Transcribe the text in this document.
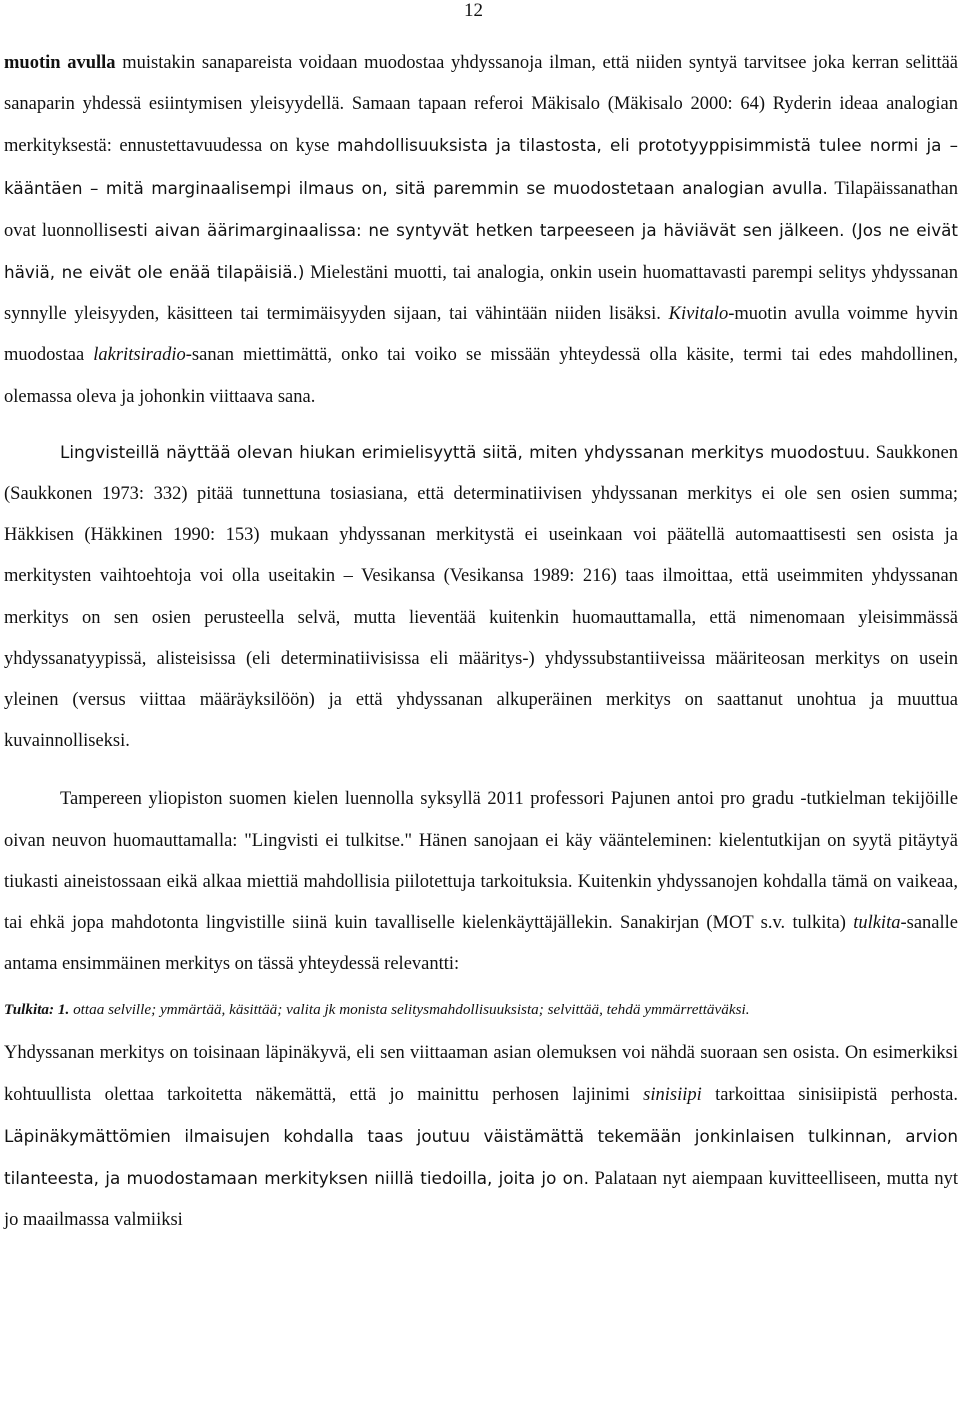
12

muotin avulla muistakin sanapareista voidaan muodostaa yhdyssanoja ilman, että niiden syntyä tarvitsee joka kerran selittää sanaparin yhdessä esiintymisen yleisyydellä. Samaan tapaan referoi Mäkisalo (Mäkisalo 2000: 64) Ryderin ideaa analogian merkityksestä: ennustettavuudessa on kyse mahdollisuuksista ja tilastosta, eli prototyyppisimmistä tulee normi ja – kääntäen – mitä marginaalisempi ilmaus on, sitä paremmin se muodostetaan analogian avulla. Tilapäissanathan ovat luonnollisesti aivan äärimarginaalissa: ne syntyvät hetken tarpeeseen ja häviävät sen jälkeen. (Jos ne eivät häviä, ne eivät ole enää tilapäisiä.) Mielestäni muotti, tai analogia, onkin usein huomattavasti parempi selitys yhdyssanan synnylle yleisyyden, käsitteen tai termimäisyyden sijaan, tai vähintään niiden lisäksi. Kivitalo-muotin avulla voimme hyvin muodostaa lakritsiradio-sanan miettimättä, onko tai voiko se missään yhteydessä olla käsite, termi tai edes mahdollinen, olemassa oleva ja johonkin viittaava sana.

Lingvisteillä näyttää olevan hiukan erimielisyyttä siitä, miten yhdyssanan merkitys muodostuu. Saukkonen (Saukkonen 1973: 332) pitää tunnettuna tosiasiana, että determinatiivisen yhdyssanan merkitys ei ole sen osien summa; Häkkisen (Häkkinen 1990: 153) mukaan yhdyssanan merkitystä ei useinkaan voi päätellä automaattisesti sen osista ja merkitysten vaihtoehtoja voi olla useitakin – Vesikansa (Vesikansa 1989: 216) taas ilmoittaa, että useimmiten yhdyssanan merkitys on sen osien perusteella selvä, mutta lieventää kuitenkin huomauttamalla, että nimenomaan yleisimmässä yhdyssanatyypissä, alisteisissa (eli determinatiivisissa eli määritys-) yhdyssubstantiiveissa määriteosan merkitys on usein yleinen (versus viittaa määräyksilöön) ja että yhdyssanan alkuperäinen merkitys on saattanut unohtua ja muuttua kuvainnolliseksi.

Tampereen yliopiston suomen kielen luennolla syksyllä 2011 professori Pajunen antoi pro gradu -tutkielman tekijöille oivan neuvon huomauttamalla: "Lingvisti ei tulkitse." Hänen sanojaan ei käy väänteleminen: kielentutkijan on syytä pitäytyä tiukasti aineistossaan eikä alkaa miettiä mahdollisia piilotettuja tarkoituksia. Kuitenkin yhdyssanojen kohdalla tämä on vaikeaa, tai ehkä jopa mahdotonta lingvistille siinä kuin tavalliselle kielenkäyttäjällekin. Sanakirjan (MOT s.v. tulkita) tulkita-sanalle antama ensimmäinen merkitys on tässä yhteydessä relevantti:

Tulkita: 1. ottaa selville; ymmärtää, käsittää; valita jk monista selitysmahdollisuuksista; selvittää, tehdä ymmärrettäväksi.

Yhdyssanan merkitys on toisinaan läpinäkyvä, eli sen viittaaman asian olemuksen voi nähdä suoraan sen osista. On esimerkiksi kohtuullista olettaa tarkoitetta näkemättä, että jo mainittu perhosen lajinimi sinisiipi tarkoittaa sinisiipistä perhosta. Läpinäkymättömien ilmaisujen kohdalla taas joutuu väistämättä tekemään jonkinlaisen tulkinnan, arvion tilanteesta, ja muodostamaan merkityksen niillä tiedoilla, joita jo on. Palataan nyt aiempaan kuvitteelliseen, mutta nyt jo maailmassa valmiiksi
